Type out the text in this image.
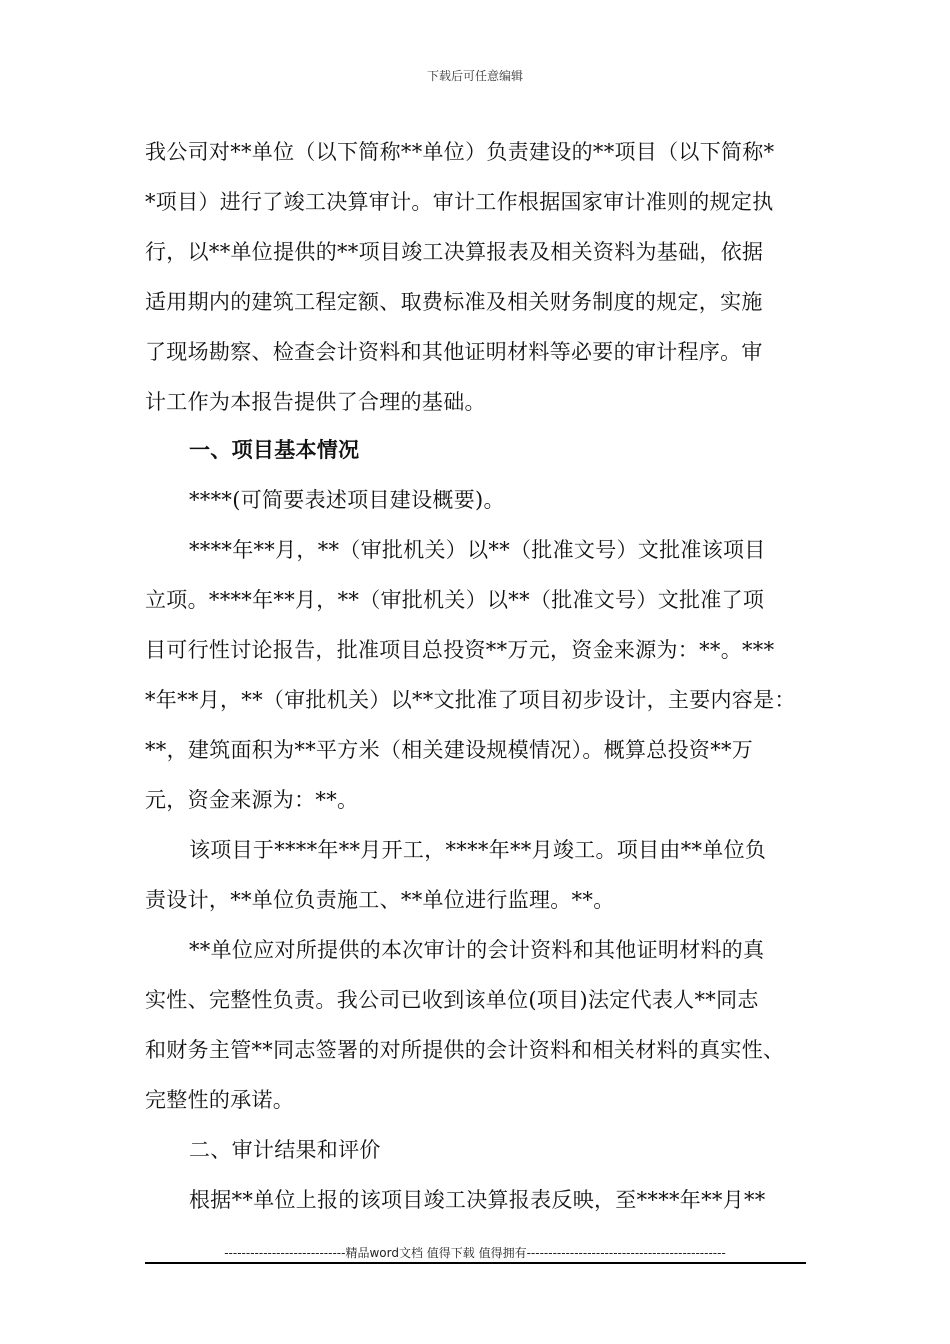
下载后可任意编辑
我公司对**单位（以下简称**单位）负责建设的**项目（以下简称*
*项目）进行了竣工决算审计。审计工作根据国家审计准则的规定执
行，以**单位提供的**项目竣工决算报表及相关资料为基础，依据
适用期内的建筑工程定额、取费标准及相关财务制度的规定，实施
了现场勘察、检查会计资料和其他证明材料等必要的审计程序。审
计工作为本报告提供了合理的基础。
一、项目基本情况
****(可简要表述项目建设概要)。
****年**月，**（审批机关）以**（批准文号）文批准该项目
立项。****年**月，**（审批机关）以**（批准文号）文批准了项
目可行性讨论报告，批准项目总投资**万元，资金来源为：**。***
*年**月，**（审批机关）以**文批准了项目初步设计，主要内容是：
**，建筑面积为**平方米（相关建设规模情况）。概算总投资**万
元，资金来源为：**。
该项目于****年**月开工，****年**月竣工。项目由**单位负
责设计，**单位负责施工、**单位进行监理。**。
**单位应对所提供的本次审计的会计资料和其他证明材料的真
实性、完整性负责。我公司已收到该单位(项目)法定代表人**同志
和财务主管**同志签署的对所提供的会计资料和相关材料的真实性、
完整性的承诺。
二、审计结果和评价
根据**单位上报的该项目竣工决算报表反映，至****年**月**
----------------------------精品word文档 值得下载 值得拥有----------------------------------------------
